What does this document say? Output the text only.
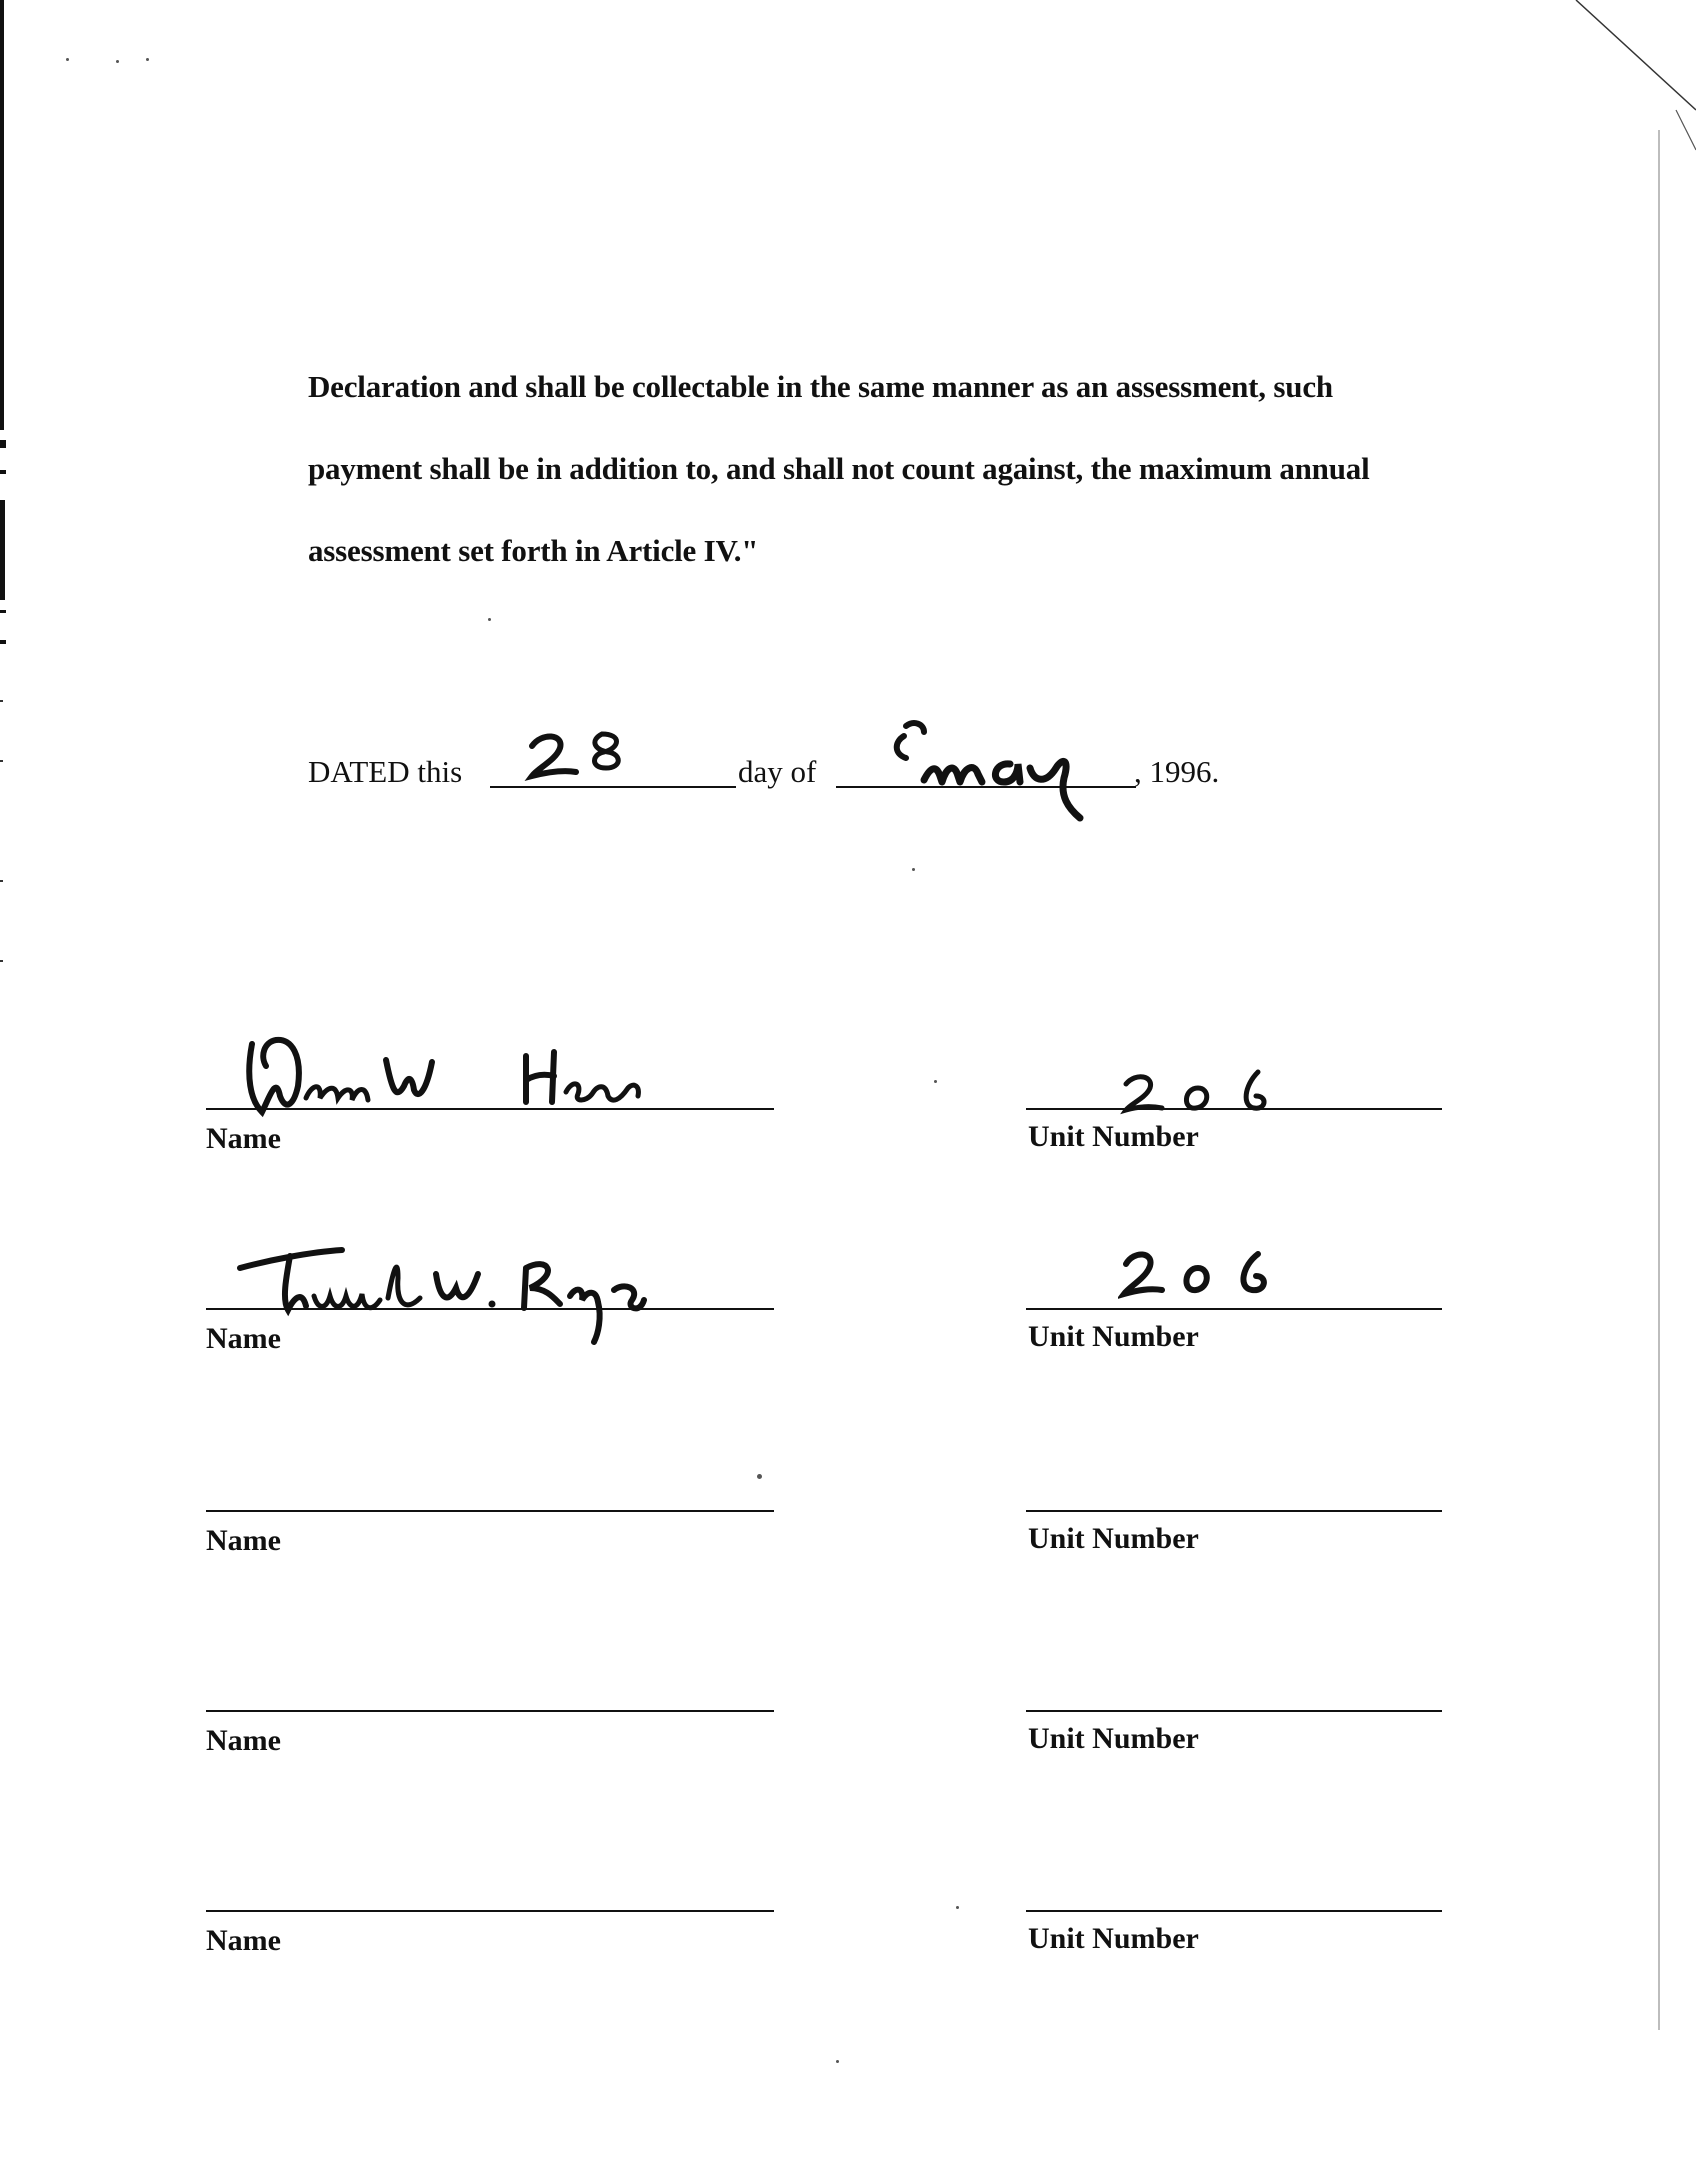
Declaration and shall be collectable in the same manner as an assessment, such
payment shall be in addition to, and shall not count against, the maximum annual
assessment set forth in Article IV."
DATED this	day of	, 1996.
Name	Unit Number
Name	Unit Number
Name	Unit Number
Name	Unit Number
Name	Unit Number
